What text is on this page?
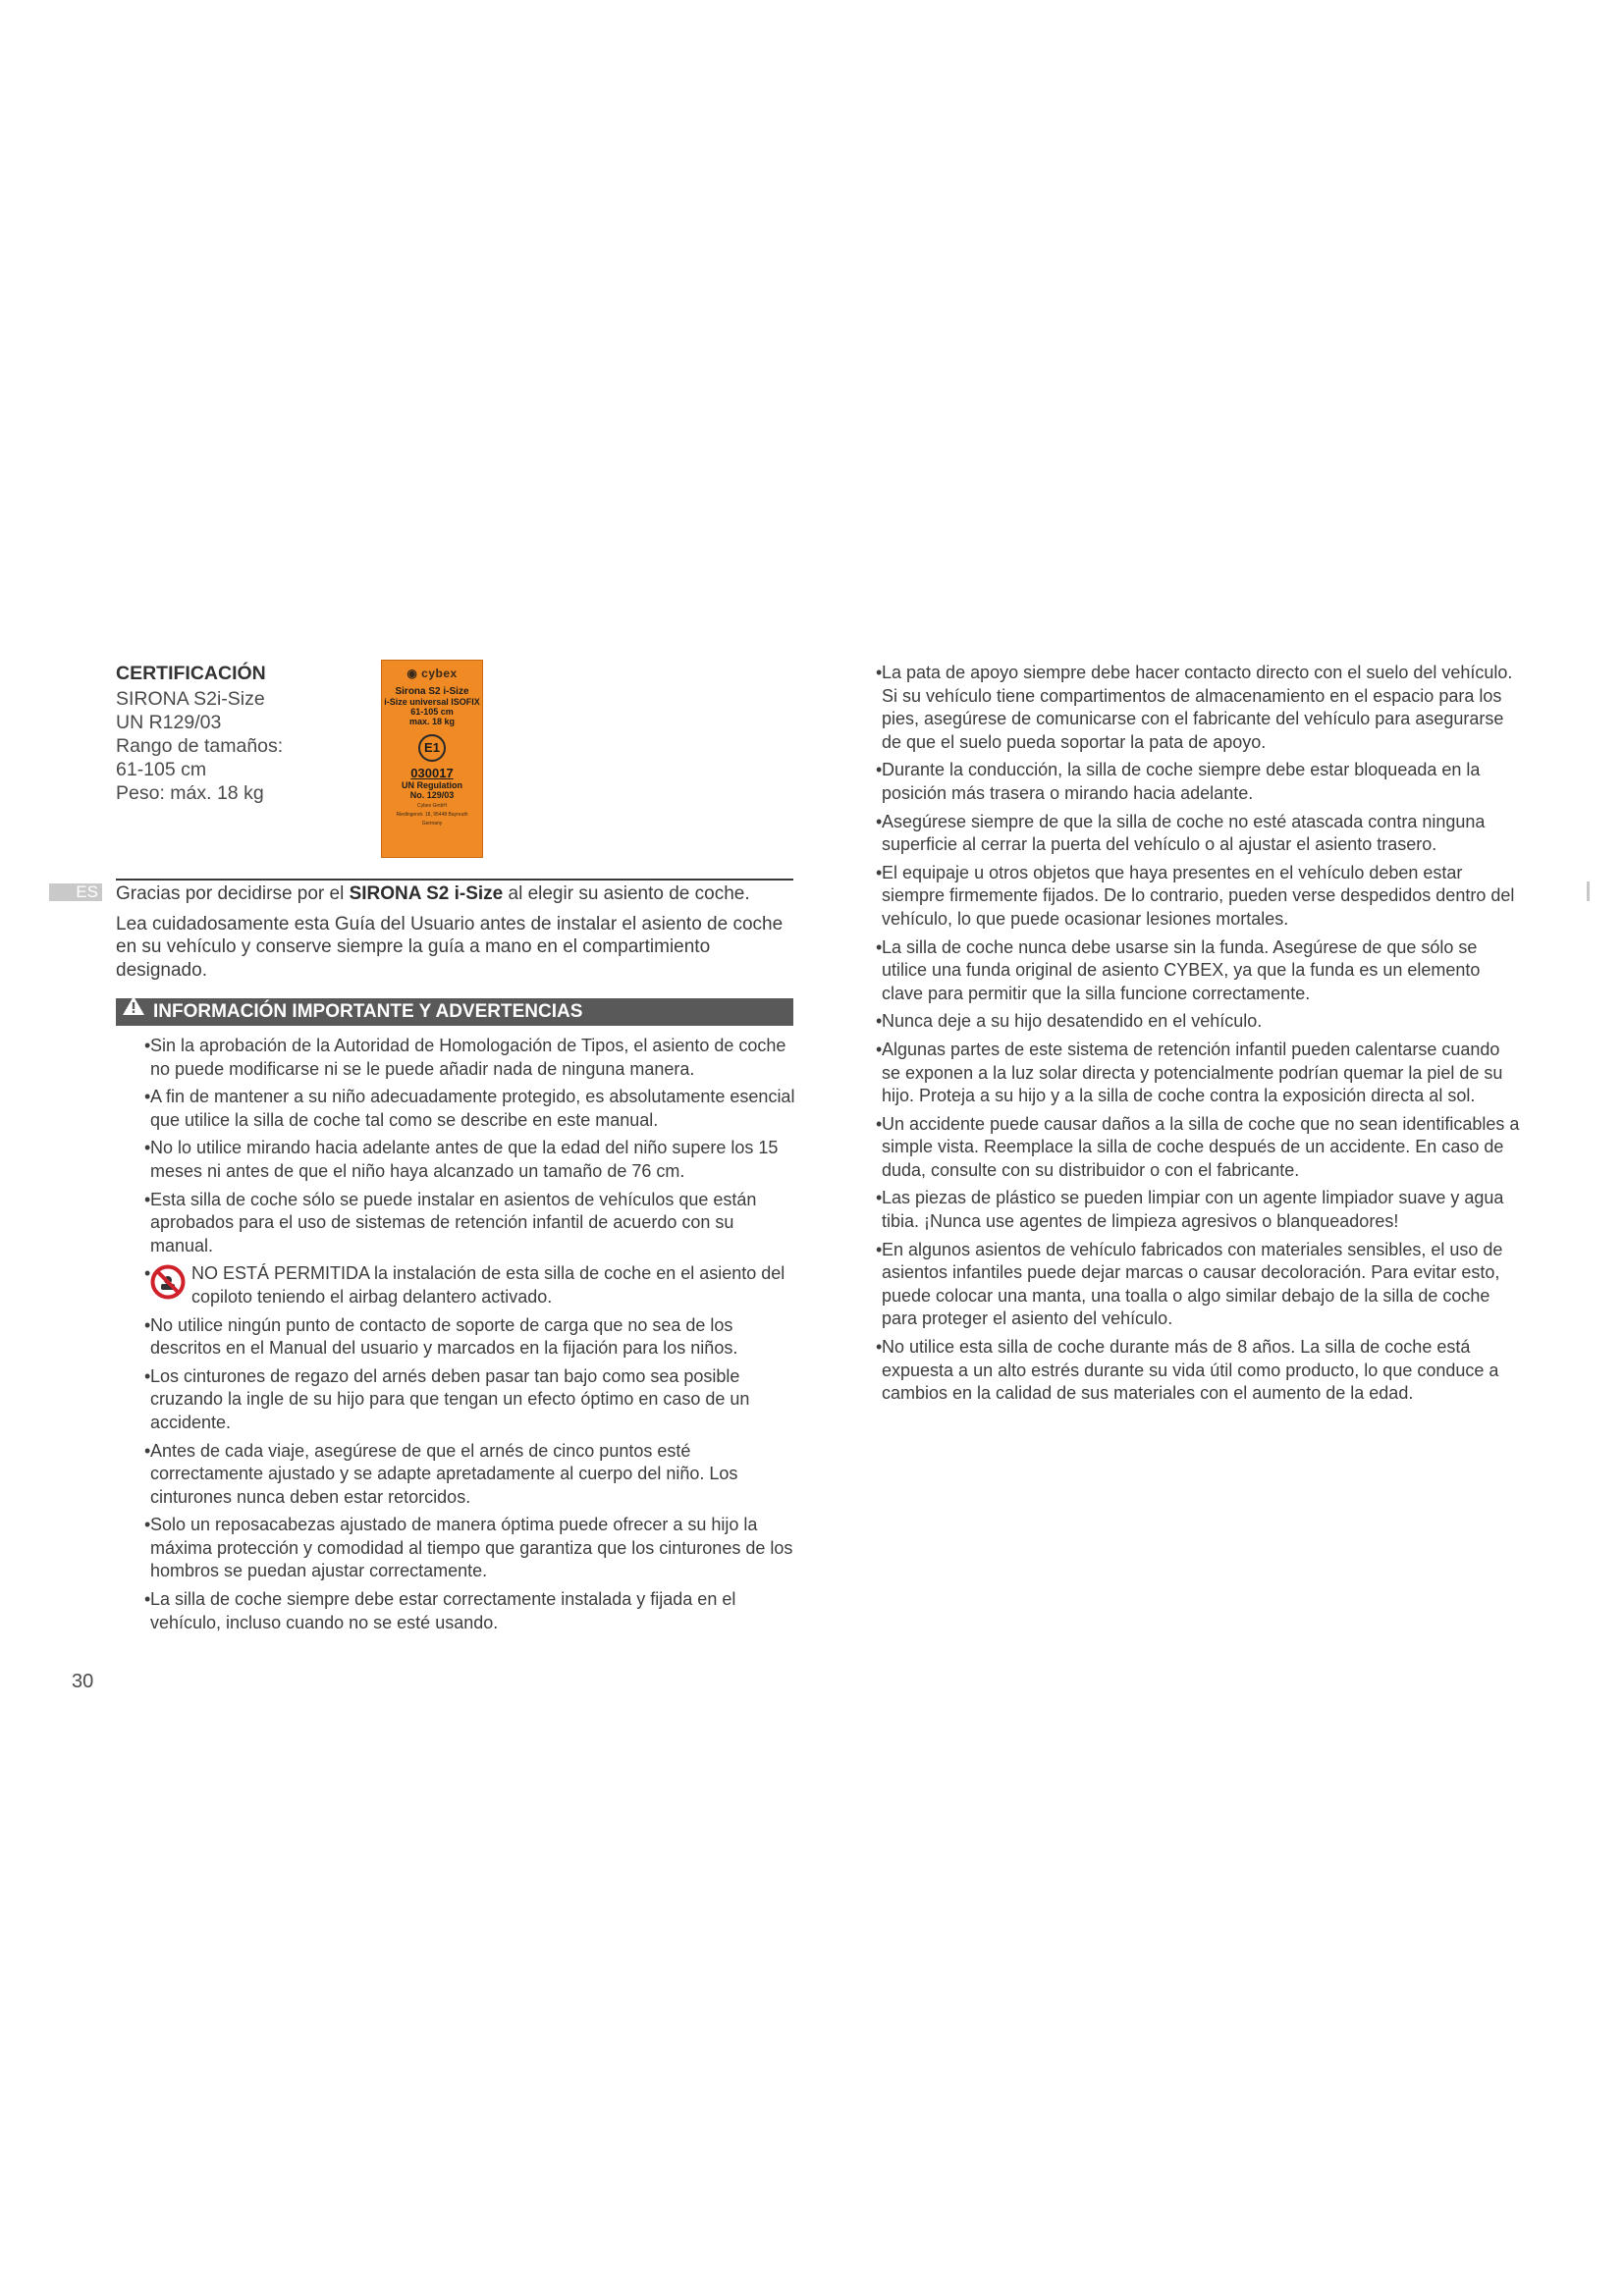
CERTIFICACIÓN
SIRONA S2i-Size
UN R129/03
Rango de tamaños:
61-105 cm
Peso: máx. 18 kg
◉ cybex
Sirona S2 i-Size
i-Size universal ISOFIX
61-105 cm
max. 18 kg
E1
030017
UN Regulation
No. 129/03
Cybex GmbH
Riedingerstr. 18, 95448 Bayreuth
Germany
ES Gracias por decidirse por el SIRONA S2 i-Size al elegir su asiento de coche.

Lea cuidadosamente esta Guía del Usuario antes de instalar el asiento de coche en su vehículo y conserve siempre la guía a mano en el compartimiento designado.

INFORMACIÓN IMPORTANTE Y ADVERTENCIAS
• Sin la aprobación de la Autoridad de Homologación de Tipos, el asiento de coche no puede modificarse ni se le puede añadir nada de ninguna manera.
• A fin de mantener a su niño adecuadamente protegido, es absolutamente esencial que utilice la silla de coche tal como se describe en este manual.
• No lo utilice mirando hacia adelante antes de que la edad del niño supere los 15 meses ni antes de que el niño haya alcanzado un tamaño de 76 cm.
• Esta silla de coche sólo se puede instalar en asientos de vehículos que están aprobados para el uso de sistemas de retención infantil de acuerdo con su manual.
• NO ESTÁ PERMITIDA la instalación de esta silla de coche en el asiento del copiloto teniendo el airbag delantero activado.
• No utilice ningún punto de contacto de soporte de carga que no sea de los descritos en el Manual del usuario y marcados en la fijación para los niños.
• Los cinturones de regazo del arnés deben pasar tan bajo como sea posible cruzando la ingle de su hijo para que tengan un efecto óptimo en caso de un accidente.
• Antes de cada viaje, asegúrese de que el arnés de cinco puntos esté correctamente ajustado y se adapte apretadamente al cuerpo del niño. Los cinturones nunca deben estar retorcidos.
• Solo un reposacabezas ajustado de manera óptima puede ofrecer a su hijo la máxima protección y comodidad al tiempo que garantiza que los cinturones de los hombros se puedan ajustar correctamente.
• La silla de coche siempre debe estar correctamente instalada y fijada en el vehículo, incluso cuando no se esté usando.
• La pata de apoyo siempre debe hacer contacto directo con el suelo del vehículo. Si su vehículo tiene compartimentos de almacenamiento en el espacio para los pies, asegúrese de comunicarse con el fabricante del vehículo para asegurarse de que el suelo pueda soportar la pata de apoyo.
• Durante la conducción, la silla de coche siempre debe estar bloqueada en la posición más trasera o mirando hacia adelante.
• Asegúrese siempre de que la silla de coche no esté atascada contra ninguna superficie al cerrar la puerta del vehículo o al ajustar el asiento trasero.
• El equipaje u otros objetos que haya presentes en el vehículo deben estar siempre firmemente fijados. De lo contrario, pueden verse despedidos dentro del vehículo, lo que puede ocasionar lesiones mortales.
• La silla de coche nunca debe usarse sin la funda. Asegúrese de que sólo se utilice una funda original de asiento CYBEX, ya que la funda es un elemento clave para permitir que la silla funcione correctamente.
• Nunca deje a su hijo desatendido en el vehículo.
• Algunas partes de este sistema de retención infantil pueden calentarse cuando se exponen a la luz solar directa y potencialmente podrían quemar la piel de su hijo. Proteja a su hijo y a la silla de coche contra la exposición directa al sol.
• Un accidente puede causar daños a la silla de coche que no sean identificables a simple vista. Reemplace la silla de coche después de un accidente. En caso de duda, consulte con su distribuidor o con el fabricante.
• Las piezas de plástico se pueden limpiar con un agente limpiador suave y agua tibia. ¡Nunca use agentes de limpieza agresivos o blanqueadores!
• En algunos asientos de vehículo fabricados con materiales sensibles, el uso de asientos infantiles puede dejar marcas o causar decoloración. Para evitar esto, puede colocar una manta, una toalla o algo similar debajo de la silla de coche para proteger el asiento del vehículo.
• No utilice esta silla de coche durante más de 8 años. La silla de coche está expuesta a un alto estrés durante su vida útil como producto, lo que conduce a cambios en la calidad de sus materiales con el aumento de la edad.
30
